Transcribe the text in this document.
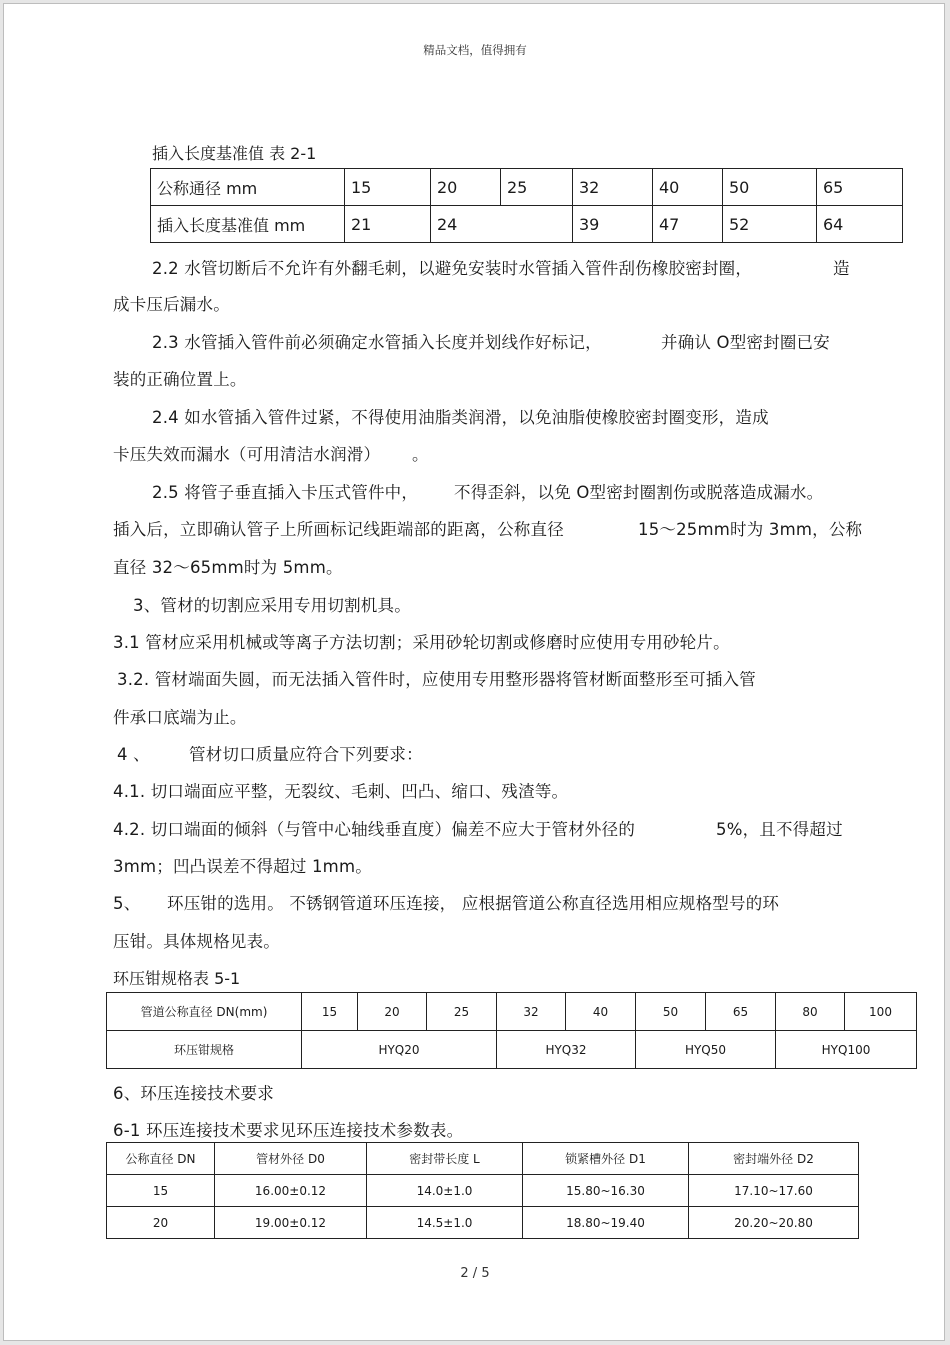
精品文档，值得拥有
插入长度基准值 表 2-1
公称通径 mm	15	20	25	32	40	50	65
插入长度基准值 mm	21	24		39	47	52	64
2.2 水管切断后不允许有外翻毛刺，以避免安装时水管插入管件刮伤橡胶密封圈，	造
成卡压后漏水。
2.3 水管插入管件前必须确定水管插入长度并划线作好标记，	并确认 O型密封圈已安
装的正确位置上。
2.4 如水管插入管件过紧，不得使用油脂类润滑，以免油脂使橡胶密封圈变形，造成
卡压失效而漏水（可用清洁水润滑） 。
2.5 将管子垂直插入卡压式管件中， 不得歪斜，以免 O型密封圈割伤或脱落造成漏水。
插入后，立即确认管子上所画标记线距端部的距离，公称直径	15～25mm时为 3mm，公称
直径 32～65mm时为 5mm。
3、管材的切割应采用专用切割机具。
3.1 管材应采用机械或等离子方法切割；采用砂轮切割或修磨时应使用专用砂轮片。
3.2. 管材端面失圆，而无法插入管件时，应使用专用整形器将管材断面整形至可插入管
件承口底端为止。
4 、 管材切口质量应符合下列要求：
4.1. 切口端面应平整，无裂纹、毛刺、凹凸、缩口、残渣等。
4.2. 切口端面的倾斜（与管中心轴线垂直度）偏差不应大于管材外径的	5%，且不得超过
3mm；凹凸误差不得超过 1mm。
5、 环压钳的选用。 不锈钢管道环压连接， 应根据管道公称直径选用相应规格型号的环
压钳。具体规格见表。
环压钳规格表 5-1
管道公称直径 DN(mm)	15	20	25	32	40	50	65	80	100
环压钳规格	HYQ20			HYQ32		HYQ50		HYQ100	
6、环压连接技术要求
6-1 环压连接技术要求见环压连接技术参数表。
公称直径 DN	管材外径 D0	密封带长度 L	锁紧槽外径 D1	密封端外径 D2
15	16.00±0.12	14.0±1.0	15.80~16.30	17.10~17.60
20	19.00±0.12	14.5±1.0	18.80~19.40	20.20~20.80
2 / 5
